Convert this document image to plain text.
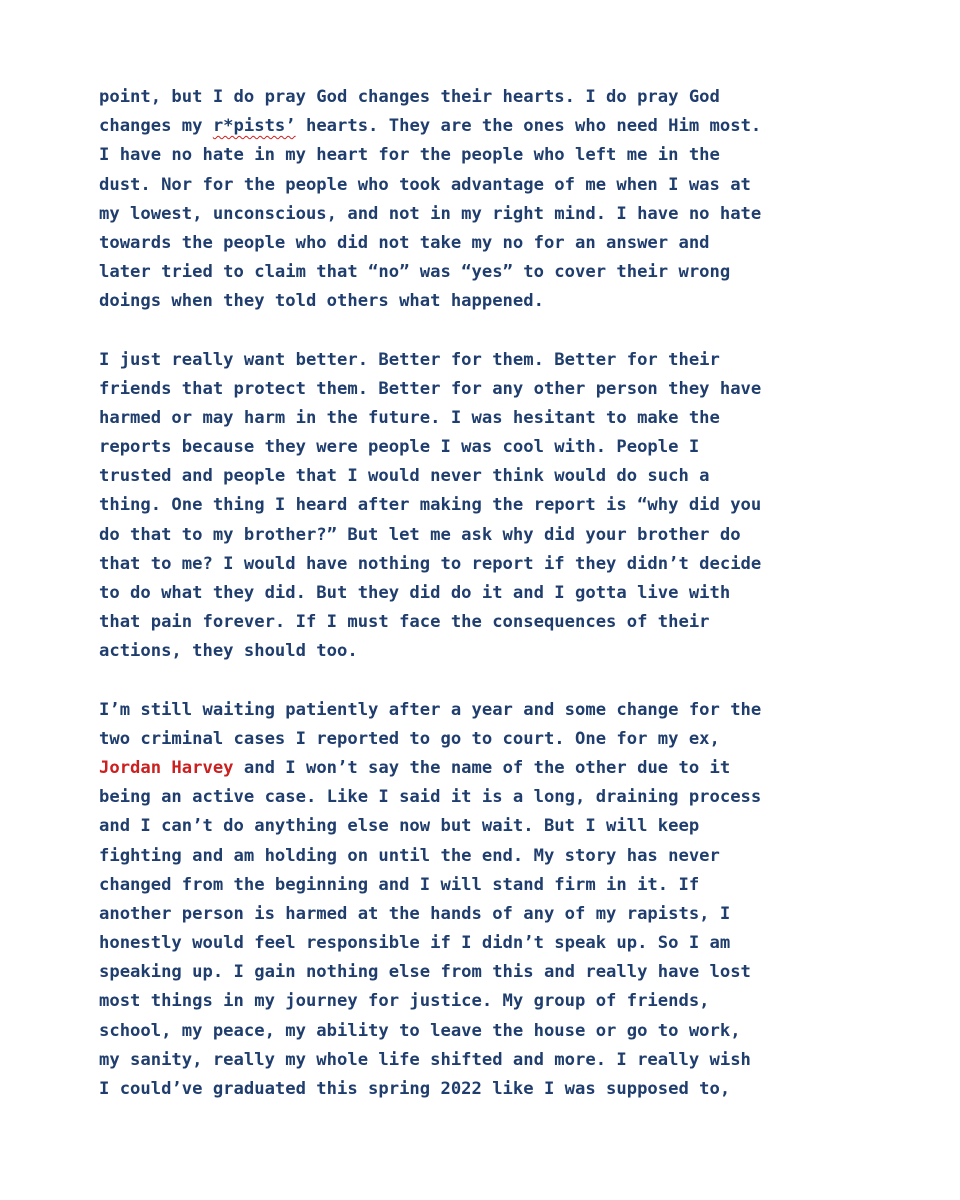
point, but I do pray God changes their hearts. I do pray God
changes my r*pists’ hearts. They are the ones who need Him most.
I have no hate in my heart for the people who left me in the
dust. Nor for the people who took advantage of me when I was at
my lowest, unconscious, and not in my right mind. I have no hate
towards the people who did not take my no for an answer and
later tried to claim that “no” was “yes” to cover their wrong
doings when they told others what happened.
I just really want better. Better for them. Better for their
friends that protect them. Better for any other person they have
harmed or may harm in the future. I was hesitant to make the
reports because they were people I was cool with. People I
trusted and people that I would never think would do such a
thing. One thing I heard after making the report is “why did you
do that to my brother?” But let me ask why did your brother do
that to me? I would have nothing to report if they didn’t decide
to do what they did. But they did do it and I gotta live with
that pain forever. If I must face the consequences of their
actions, they should too.
I’m still waiting patiently after a year and some change for the
two criminal cases I reported to go to court. One for my ex,
Jordan Harvey and I won’t say the name of the other due to it
being an active case. Like I said it is a long, draining process
and I can’t do anything else now but wait. But I will keep
fighting and am holding on until the end. My story has never
changed from the beginning and I will stand firm in it. If
another person is harmed at the hands of any of my rapists, I
honestly would feel responsible if I didn’t speak up. So I am
speaking up. I gain nothing else from this and really have lost
most things in my journey for justice. My group of friends,
school, my peace, my ability to leave the house or go to work,
my sanity, really my whole life shifted and more. I really wish
I could’ve graduated this spring 2022 like I was supposed to,
